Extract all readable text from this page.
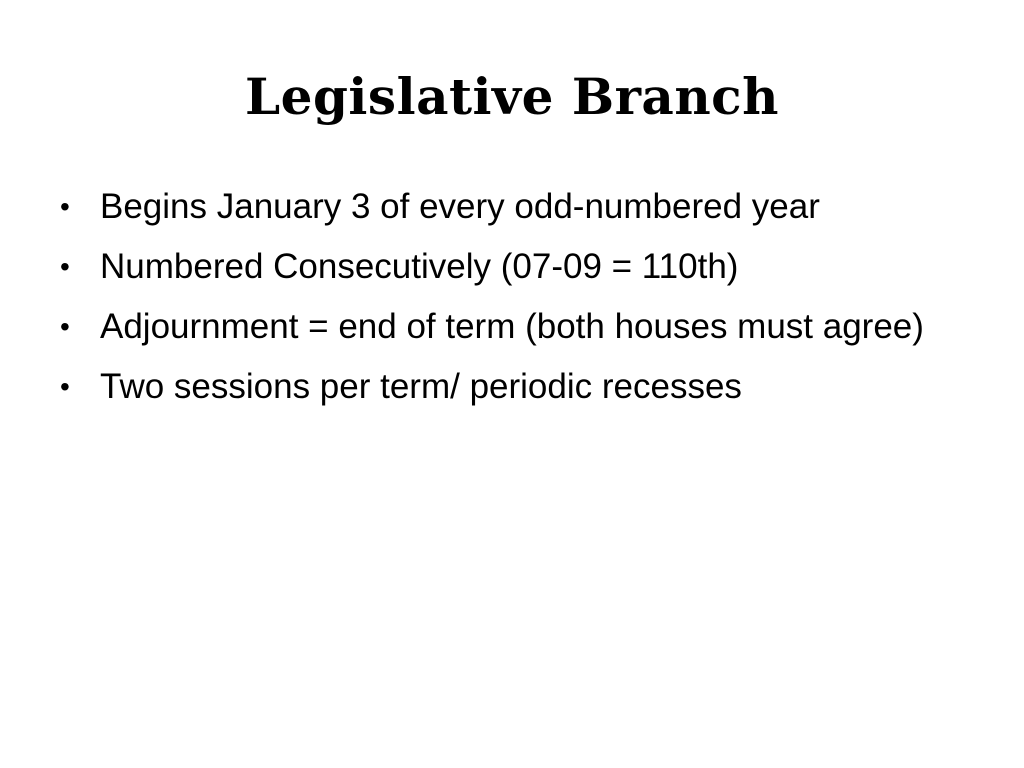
Legislative Branch
• Begins January 3 of every odd-numbered year
• Numbered Consecutively (07-09 = 110th)
• Adjournment = end of term (both houses must agree)
• Two sessions per term/ periodic recesses
